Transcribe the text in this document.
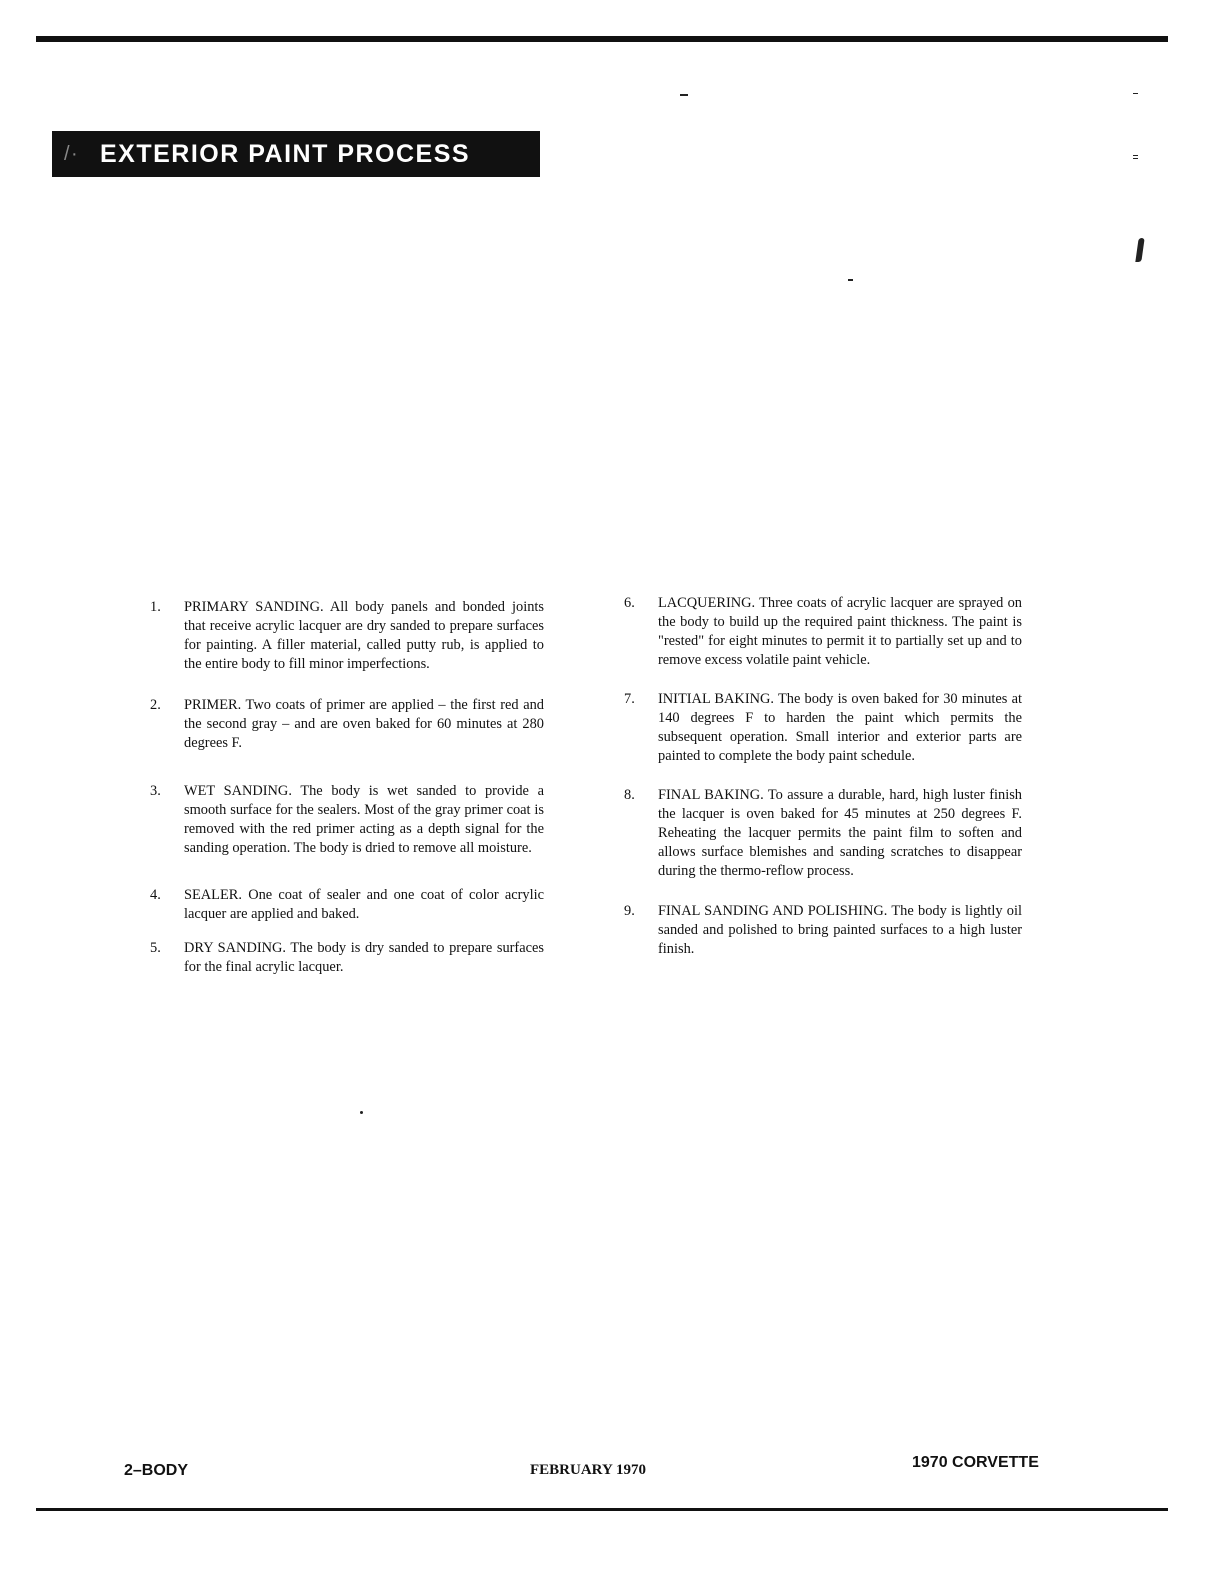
/· EXTERIOR PAINT PROCESS
1. PRIMARY SANDING. All body panels and bonded joints that receive acrylic lacquer are dry sanded to prepare surfaces for painting. A filler material, called putty rub, is applied to the entire body to fill minor imperfections.
2. PRIMER. Two coats of primer are applied – the first red and the second gray – and are oven baked for 60 minutes at 280 degrees F.
3. WET SANDING. The body is wet sanded to provide a smooth surface for the sealers. Most of the gray primer coat is removed with the red primer acting as a depth signal for the sanding operation. The body is dried to remove all moisture.
4. SEALER. One coat of sealer and one coat of color acrylic lacquer are applied and baked.
5. DRY SANDING. The body is dry sanded to prepare surfaces for the final acrylic lacquer.
6. LACQUERING. Three coats of acrylic lacquer are sprayed on the body to build up the required paint thickness. The paint is "rested" for eight minutes to permit it to partially set up and to remove excess volatile paint vehicle.
7. INITIAL BAKING. The body is oven baked for 30 minutes at 140 degrees F to harden the paint which permits the subsequent operation. Small interior and exterior parts are painted to complete the body paint schedule.
8. FINAL BAKING. To assure a durable, hard, high luster finish the lacquer is oven baked for 45 minutes at 250 degrees F. Reheating the lacquer permits the paint film to soften and allows surface blemishes and sanding scratches to disappear during the thermo-reflow process.
9. FINAL SANDING AND POLISHING. The body is lightly oil sanded and polished to bring painted surfaces to a high luster finish.
2–BODY	FEBRUARY 1970	1970 CORVETTE
